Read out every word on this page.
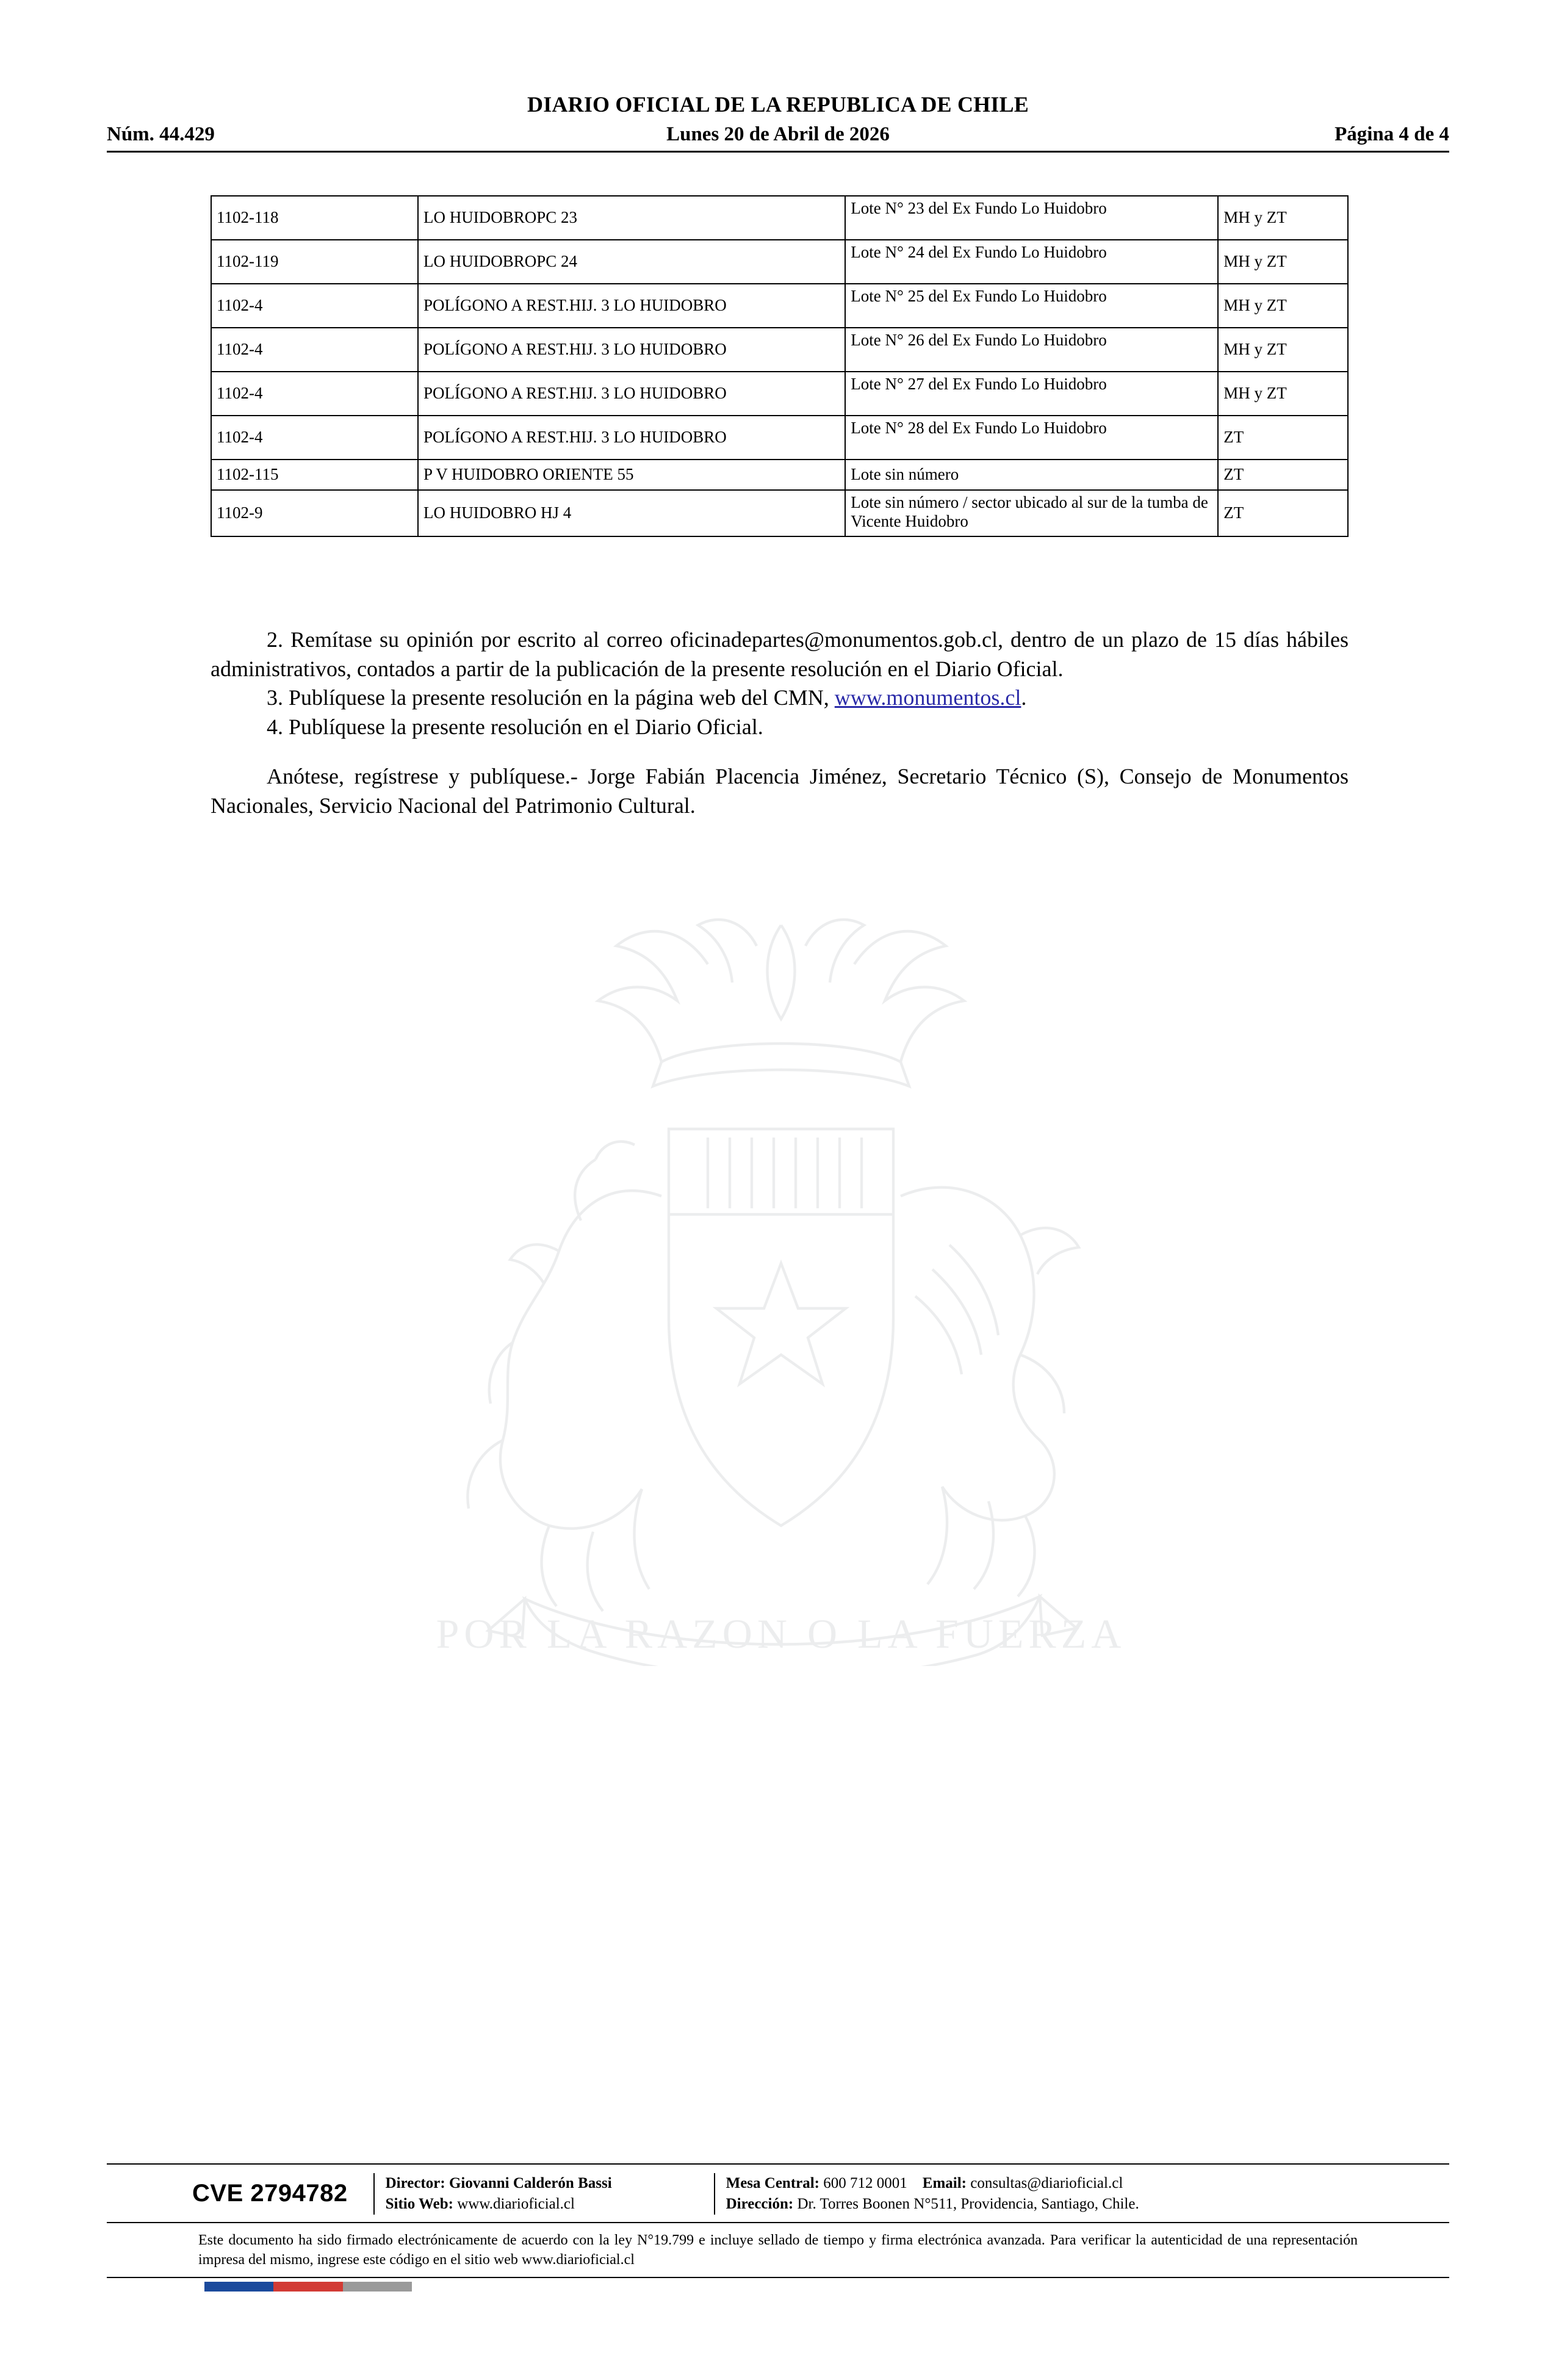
DIARIO OFICIAL DE LA REPUBLICA DE CHILE
Núm. 44.429	Lunes 20 de Abril de 2026	Página 4 de 4
1102-118	LO HUIDOBROPC 23	Lote N° 23 del Ex Fundo Lo Huidobro	MH y ZT
1102-119	LO HUIDOBROPC 24	Lote N° 24 del Ex Fundo Lo Huidobro	MH y ZT
1102-4	POLÍGONO A REST.HIJ. 3 LO HUIDOBRO	Lote N° 25 del Ex Fundo Lo Huidobro	MH y ZT
1102-4	POLÍGONO A REST.HIJ. 3 LO HUIDOBRO	Lote N° 26 del Ex Fundo Lo Huidobro	MH y ZT
1102-4	POLÍGONO A REST.HIJ. 3 LO HUIDOBRO	Lote N° 27 del Ex Fundo Lo Huidobro	MH y ZT
1102-4	POLÍGONO A REST.HIJ. 3 LO HUIDOBRO	Lote N° 28 del Ex Fundo Lo Huidobro	ZT
1102-115	P V HUIDOBRO ORIENTE 55	Lote sin número	ZT
1102-9	LO HUIDOBRO HJ 4	Lote sin número / sector ubicado al sur de la tumba de Vicente Huidobro	ZT

2. Remítase su opinión por escrito al correo oficinadepartes@monumentos.gob.cl, dentro de un plazo de 15 días hábiles administrativos, contados a partir de la publicación de la presente resolución en el Diario Oficial.

3. Publíquese la presente resolución en la página web del CMN, www.monumentos.cl.

4. Publíquese la presente resolución en el Diario Oficial.

Anótese, regístrese y publíquese.- Jorge Fabián Placencia Jiménez, Secretario Técnico (S), Consejo de Monumentos Nacionales, Servicio Nacional del Patrimonio Cultural.

POR LA RAZON O LA FUERZA
CVE 2794782	Director: Giovanni Calderón Bassi
Sitio Web: www.diarioficial.cl
Mesa Central: 600 712 0001 Email: consultas@diarioficial.cl
Dirección: Dr. Torres Boonen N°511, Providencia, Santiago, Chile.
Este documento ha sido firmado electrónicamente de acuerdo con la ley N°19.799 e incluye sellado de tiempo y firma electrónica avanzada. Para verificar la autenticidad de una representación impresa del mismo, ingrese este código en el sitio web www.diarioficial.cl
